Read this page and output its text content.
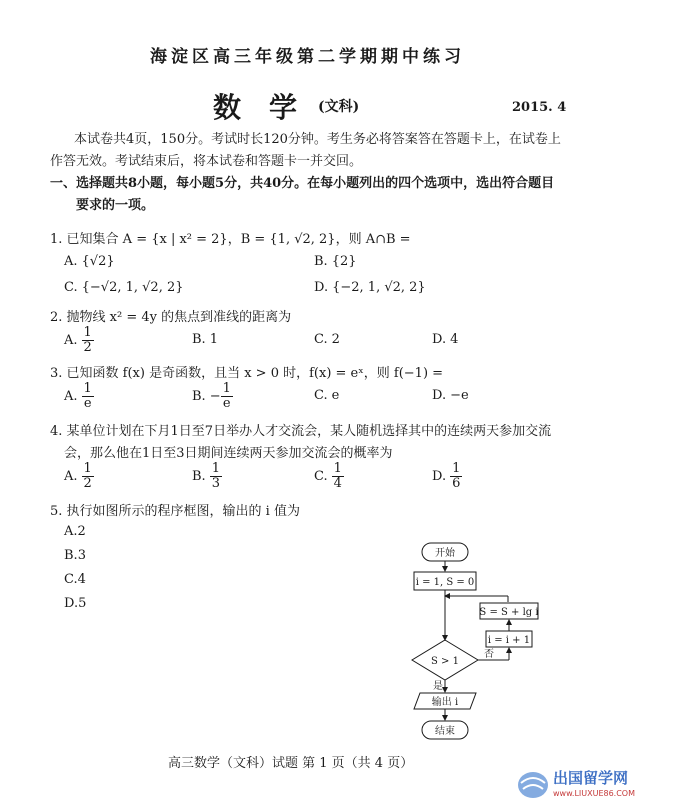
海淀区高三年级第二学期期中练习
数　学 (文科)	2015. 4
本试卷共4页，150分。考试时长120分钟。考生务必将答案答在答题卡上，在试卷上
作答无效。考试结束后，将本试卷和答题卡一并交回。
一、选择题共8小题，每小题5分，共40分。在每小题列出的四个选项中，选出符合题目
要求的一项。
1. 已知集合 A = {x | x² = 2}，B = {1, √2, 2}，则 A∩B =
A. {√2}	B. {2}
C. {−√2, 1, √2, 2}	D. {−2, 1, √2, 2}
2. 抛物线 x² = 4y 的焦点到准线的距离为
A. $\frac{1}{2}$	B. 1	C. 2	D. 4
3. 已知函数 f(x) 是奇函数，且当 x > 0 时，f(x) = eˣ，则 f(−1) =
A. $\frac{1}{e}$	B. − $\frac{1}{e}$	C. e	D. −e
4. 某单位计划在下月1日至7日举办人才交流会，某人随机选择其中的连续两天参加交流
会，那么他在1日至3日期间连续两天参加交流会的概率为
A. $\frac{1}{2}$	B. $\frac{1}{3}$	C. $\frac{1}{4}$	D. $\frac{1}{6}$
5. 执行如图所示的程序框图，输出的 i 值为
A.2
B.3
C.4
D.5
开始
i = 1, S = 0
S = S + lg i
i = i + 1
S > 1
否
是
输出 i
结束
高三数学（文科）试题 第 1 页（共 4 页）
出国留学网
www.LIUXUE86.COM
